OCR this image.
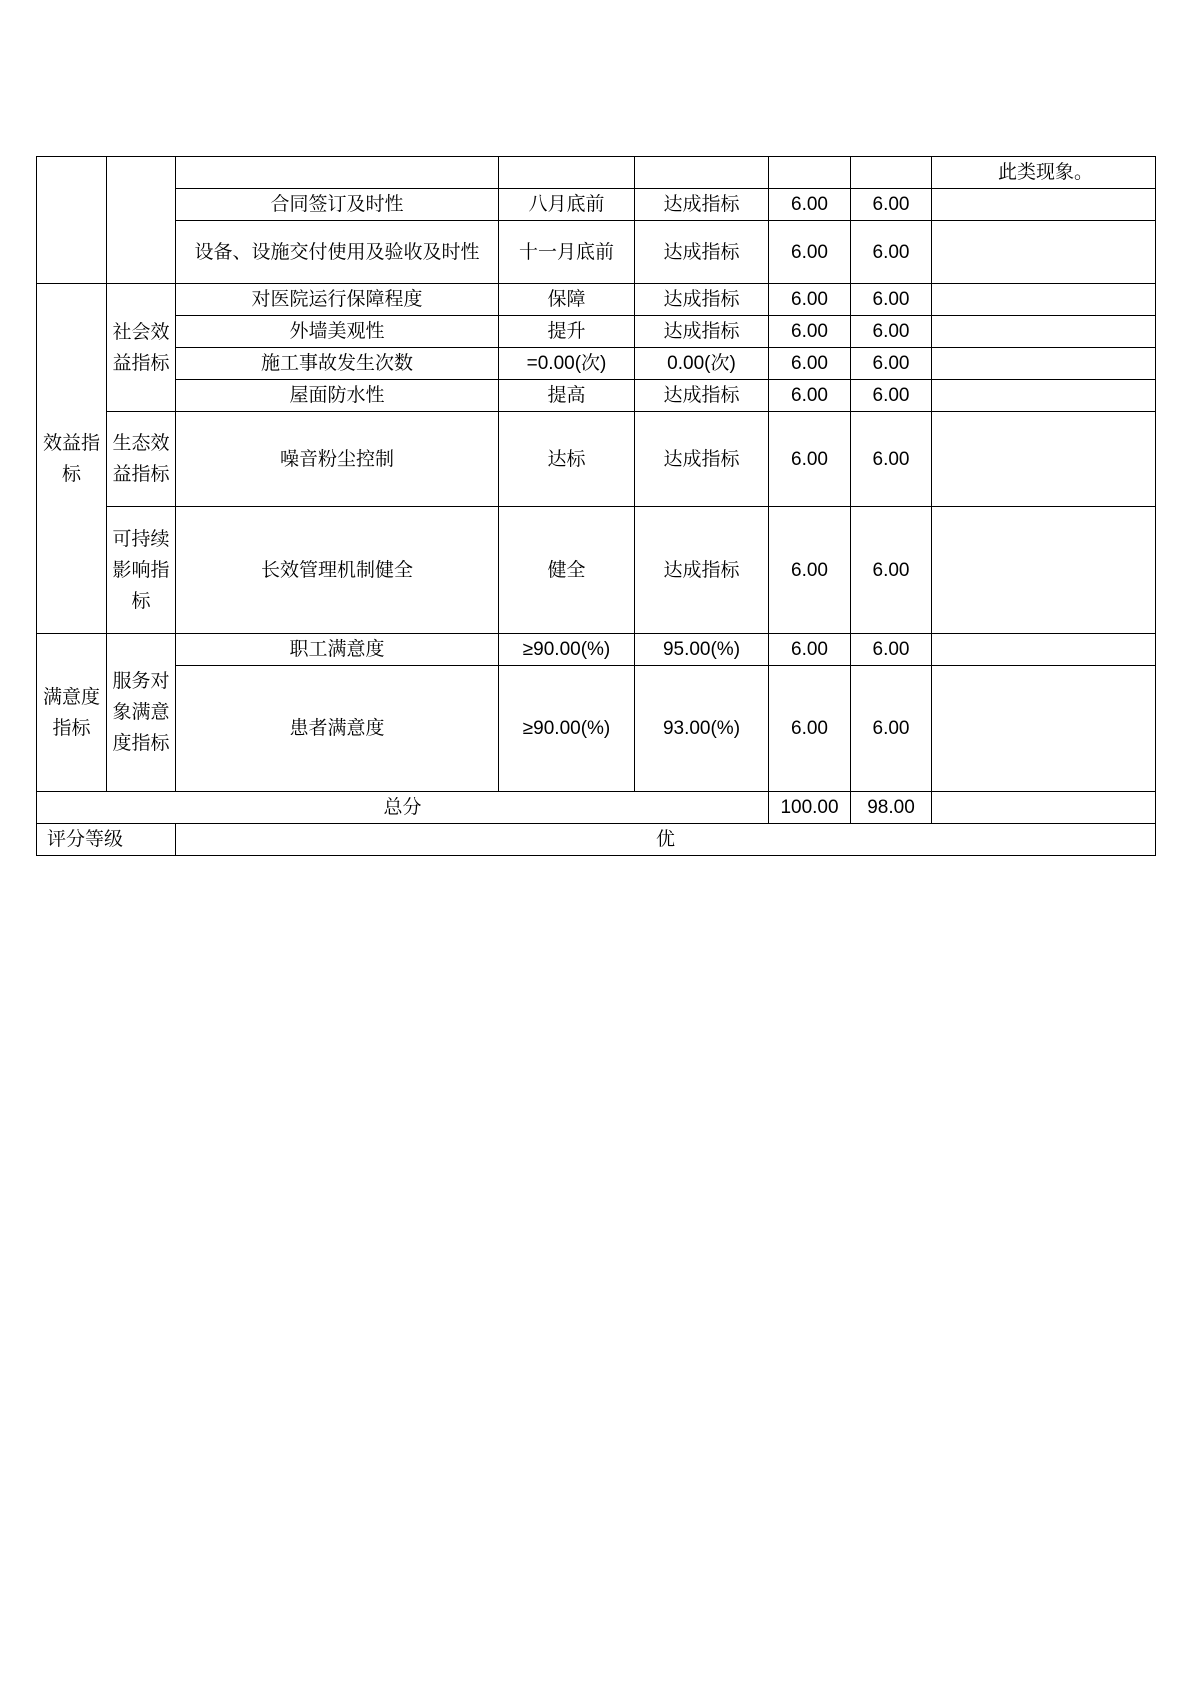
							此类现象。
		合同签订及时性	八月底前	达成指标	6.00	6.00	
		设备、设施交付使用及验收及时性	十一月底前	达成指标	6.00	6.00	
效益指标	社会效益指标	对医院运行保障程度	保障	达成指标	6.00	6.00	
		外墙美观性	提升	达成指标	6.00	6.00	
		施工事故发生次数	=0.00(次)	0.00(次)	6.00	6.00	
		屋面防水性	提高	达成指标	6.00	6.00	
	生态效益指标	噪音粉尘控制	达标	达成指标	6.00	6.00	
	可持续影响指标	长效管理机制健全	健全	达成指标	6.00	6.00	
满意度指标	服务对象满意度指标	职工满意度	≥90.00(%)	95.00(%)	6.00	6.00	
		患者满意度	≥90.00(%)	93.00(%)	6.00	6.00	
总分					100.00	98.00	
评分等级		优					
